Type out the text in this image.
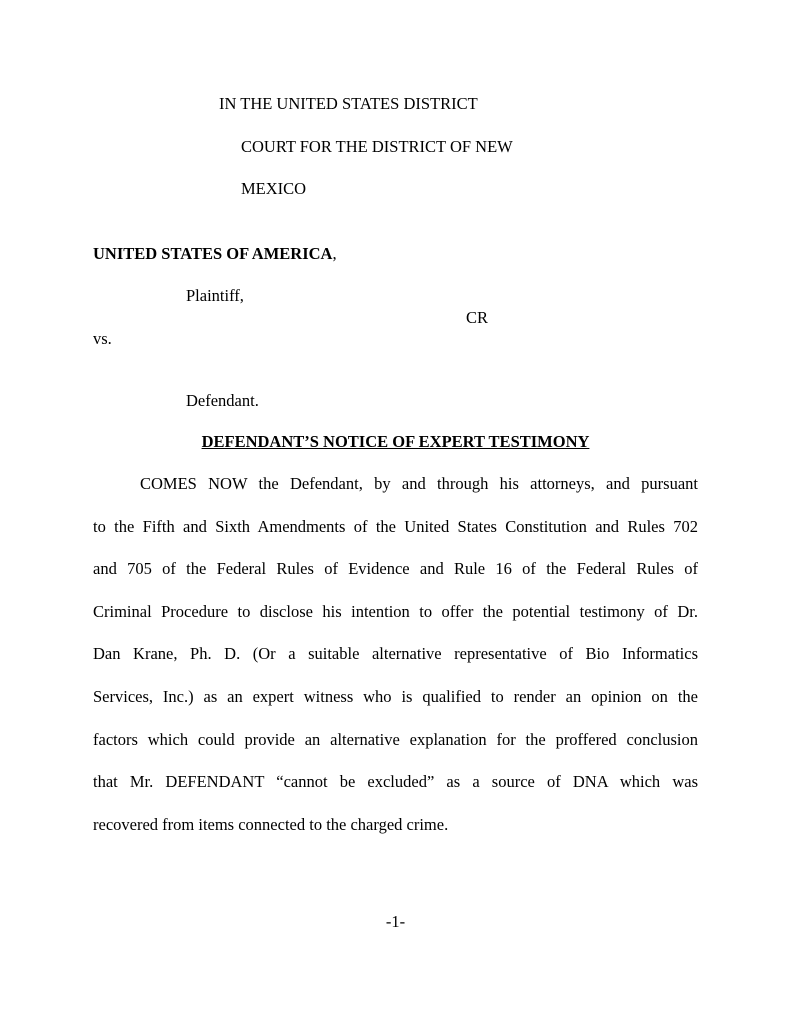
IN THE UNITED STATES DISTRICT
COURT FOR THE DISTRICT OF NEW
MEXICO
UNITED STATES OF AMERICA,
Plaintiff,
CR
vs.
Defendant.
DEFENDANT’S NOTICE OF EXPERT TESTIMONY
COMES NOW the Defendant, by and through his attorneys, and pursuant
to the Fifth and Sixth Amendments of the United States Constitution and Rules 702
and 705 of the Federal Rules of Evidence and Rule 16 of the Federal Rules of
Criminal Procedure to disclose his intention to offer the potential testimony of Dr.
Dan Krane, Ph. D. (Or a suitable alternative representative of Bio Informatics
Services, Inc.) as an expert witness who is qualified to render an opinion on the
factors which could provide an alternative explanation for the proffered conclusion
that Mr. DEFENDANT “cannot be excluded” as a source of DNA which was
recovered from items connected to the charged crime.
-1-
